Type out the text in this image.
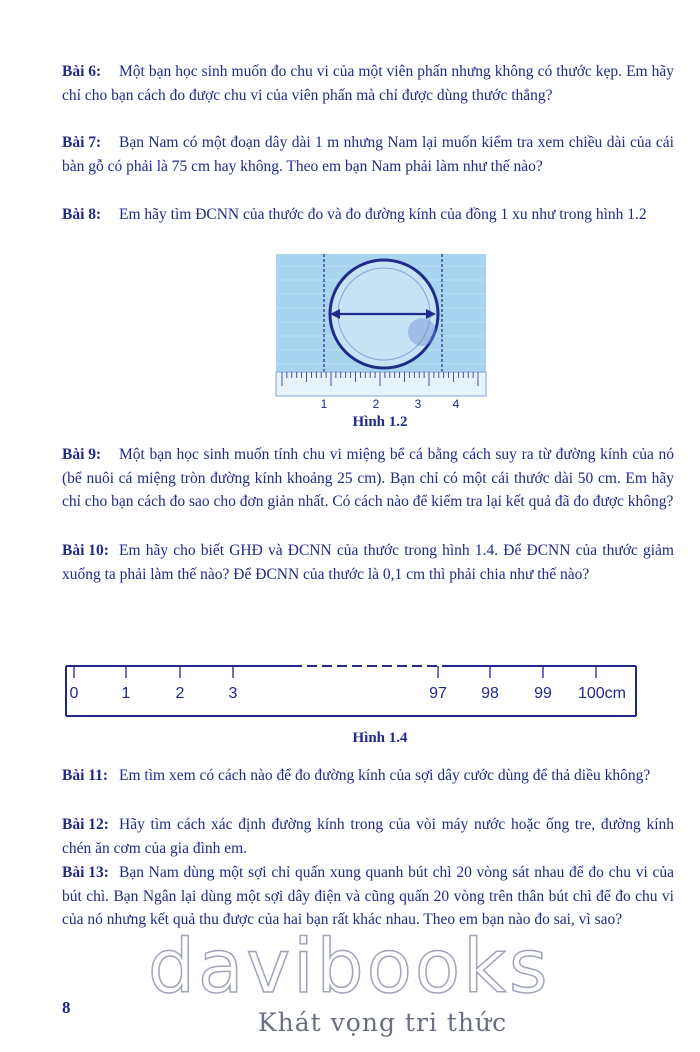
Bài 6:	Một bạn học sinh muốn đo chu vi của một viên phấn nhưng không có thước kẹp. Em hãy chỉ cho bạn cách đo được chu vi của viên phấn mà chỉ được dùng thước thẳng?
Bài 7:	Bạn Nam có một đoạn dây dài 1 m nhưng Nam lại muốn kiểm tra xem chiều dài của cái bàn gỗ có phải là 75 cm hay không. Theo em bạn Nam phải làm như thế nào?
Bài 8:	Em hãy tìm ĐCNN của thước đo và đo đường kính của đồng 1 xu như trong hình 1.2
1	2	3	4
Hình 1.2
Bài 9:	Một bạn học sinh muốn tính chu vi miệng bể cá bằng cách suy ra từ đường kính của nó (bể nuôi cá miệng tròn đường kính khoảng 25 cm). Bạn chỉ có một cái thước dài 50 cm. Em hãy chỉ cho bạn cách đo sao cho đơn giản nhất. Có cách nào để kiểm tra lại kết quả đã đo được không?
Bài 10: Em hãy cho biết GHĐ và ĐCNN của thước trong hình 1.4. Để ĐCNN của thước giảm xuống ta phải làm thế nào? Để ĐCNN của thước là 0,1 cm thì phải chia như thế nào?
0	1	2	3	97 98 99 100cm
Hình 1.4
Bài 11: Em tìm xem có cách nào để đo đường kính của sợi dây cước dùng để thả diều không?
Bài 12: Hãy tìm cách xác định đường kính trong của vòi máy nước hoặc ống tre, đường kính chén ăn cơm của gia đình em.
Bài 13: Bạn Nam dùng một sợi chỉ quấn xung quanh bút chì 20 vòng sát nhau để đo chu vi của bút chì. Bạn Ngân lại dùng một sợi dây điện và cũng quấn 20 vòng trên thân bút chì để đo chu vi của nó nhưng kết quả thu được của hai bạn rất khác nhau. Theo em bạn nào đo sai, vì sao?
davibooks
8
Khát vọng tri thức
